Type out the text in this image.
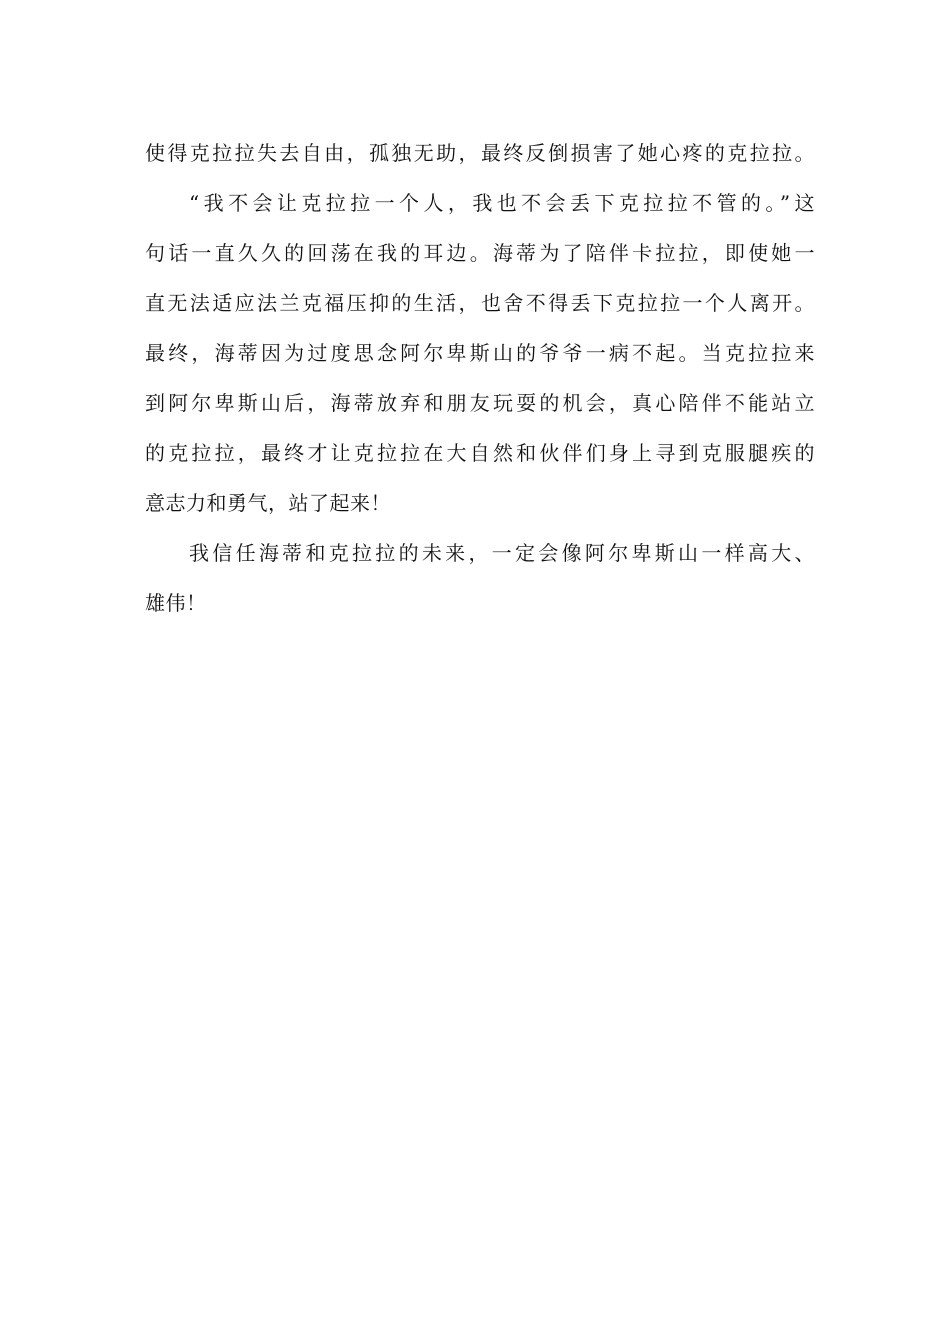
使得克拉拉失去自由，孤独无助，最终反倒损害了她心疼的克拉拉。
“我不会让克拉拉一个人，我也不会丢下克拉拉不管的。”这
句话一直久久的回荡在我的耳边。海蒂为了陪伴卡拉拉，即使她一
直无法适应法兰克福压抑的生活，也舍不得丢下克拉拉一个人离开。
最终，海蒂因为过度思念阿尔卑斯山的爷爷一病不起。当克拉拉来
到阿尔卑斯山后，海蒂放弃和朋友玩耍的机会，真心陪伴不能站立
的克拉拉，最终才让克拉拉在大自然和伙伴们身上寻到克服腿疾的
意志力和勇气，站了起来！
我信任海蒂和克拉拉的未来，一定会像阿尔卑斯山一样高大、
雄伟！
